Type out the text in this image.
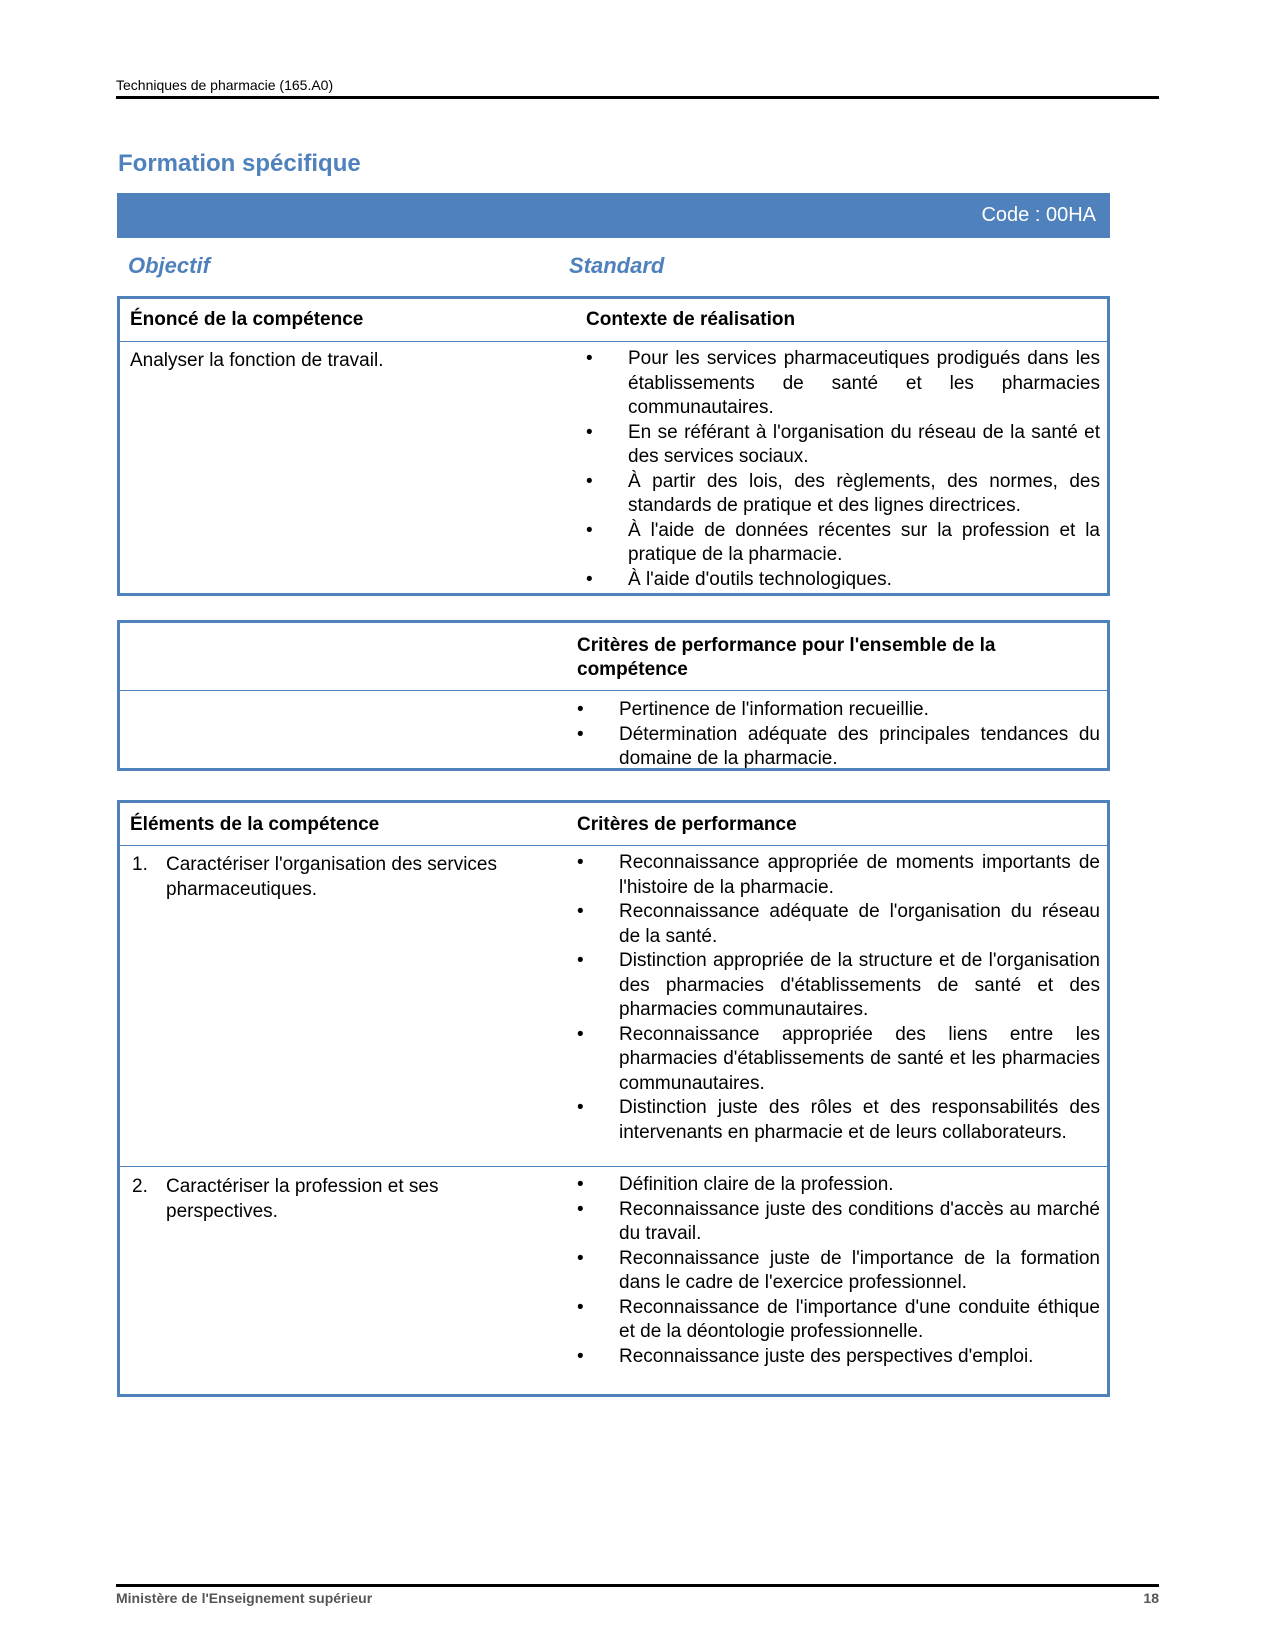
Techniques de pharmacie (165.A0)
Formation spécifique
Code : 00HA
Objectif	Standard
Énoncé de la compétence	Contexte de réalisation
Analyser la fonction de travail.
•	Pour les services pharmaceutiques prodigués dans les établissements de santé et les pharmacies communautaires.
• En se référant à l'organisation du réseau de la santé et des services sociaux.
• À partir des lois, des règlements, des normes, des standards de pratique et des lignes directrices.
• À l'aide de données récentes sur la profession et la pratique de la pharmacie.
• À l'aide d'outils technologiques.
Critères de performance pour l'ensemble de la compétence
• Pertinence de l'information recueillie.
• Détermination adéquate des principales tendances du domaine de la pharmacie.
Éléments de la compétence	Critères de performance
1. Caractériser l'organisation des services pharmaceutiques.
• Reconnaissance appropriée de moments importants de l'histoire de la pharmacie.
• Reconnaissance adéquate de l'organisation du réseau de la santé.
• Distinction appropriée de la structure et de l'organisation des pharmacies d'établissements de santé et des pharmacies communautaires.
• Reconnaissance appropriée des liens entre les pharmacies d'établissements de santé et les pharmacies communautaires.
• Distinction juste des rôles et des responsabilités des intervenants en pharmacie et de leurs collaborateurs.
2. Caractériser la profession et ses perspectives.
• Définition claire de la profession.
• Reconnaissance juste des conditions d'accès au marché du travail.
• Reconnaissance juste de l'importance de la formation dans le cadre de l'exercice professionnel.
• Reconnaissance de l'importance d'une conduite éthique et de la déontologie professionnelle.
• Reconnaissance juste des perspectives d'emploi.
Ministère de l'Enseignement supérieur	18
